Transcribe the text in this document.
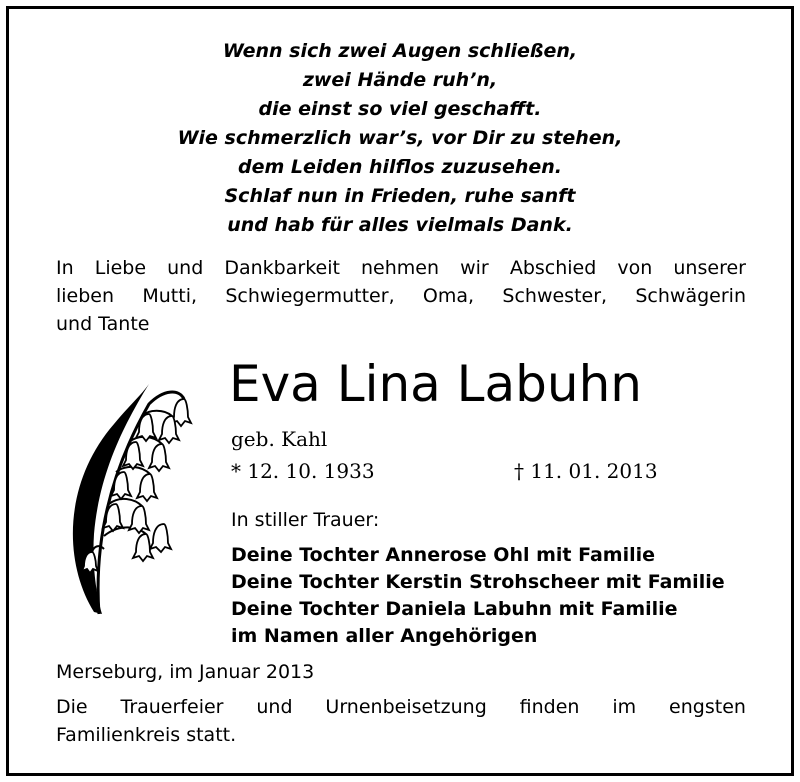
Wenn sich zwei Augen schließen,
zwei Hände ruh’n,
die einst so viel geschafft.
Wie schmerzlich war’s, vor Dir zu stehen,
dem Leiden hilflos zuzusehen.
Schlaf nun in Frieden, ruhe sanft
und hab für alles vielmals Dank.
In Liebe und Dankbarkeit nehmen wir Abschied von unserer
lieben Mutti, Schwiegermutter, Oma, Schwester, Schwägerin
und Tante
Eva Lina Labuhn
geb. Kahl
* 12. 10. 1933	† 11. 01. 2013
In stiller Trauer:
Deine Tochter Annerose Ohl mit Familie
Deine Tochter Kerstin Strohscheer mit Familie
Deine Tochter Daniela Labuhn mit Familie
im Namen aller Angehörigen
Merseburg, im Januar 2013
Die Trauerfeier und Urnenbeisetzung finden im engsten
Familienkreis statt.
